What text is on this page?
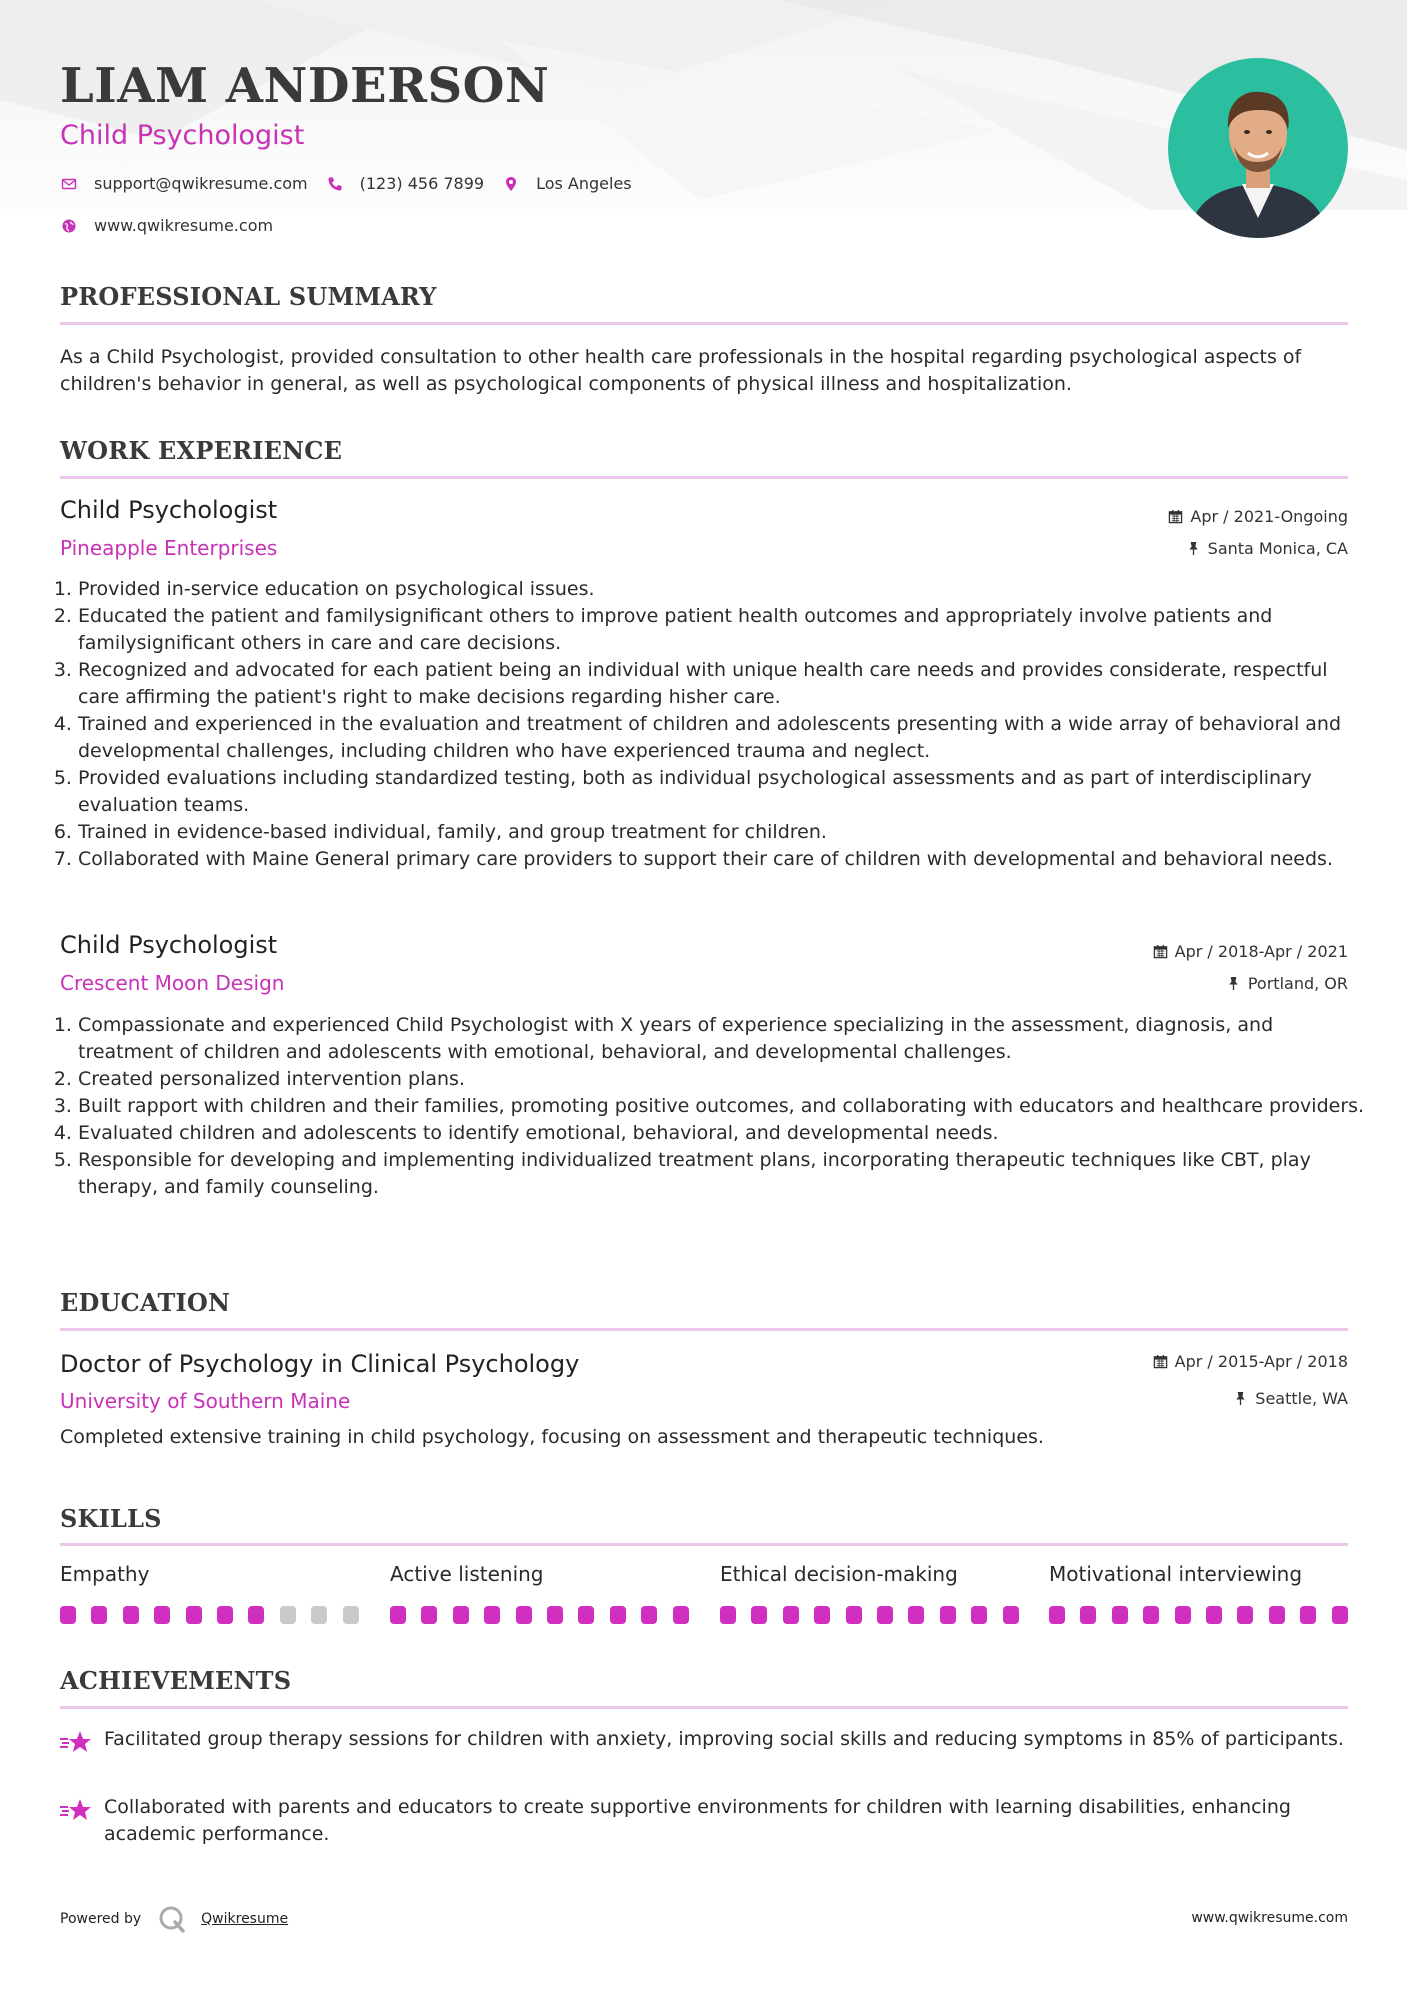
LIAM ANDERSON
Child Psychologist
support@qwikresume.com	(123) 456 7899	Los Angeles
www.qwikresume.com
PROFESSIONAL SUMMARY

As a Child Psychologist, provided consultation to other health care professionals in the hospital regarding psychological aspects of children's behavior in general, as well as psychological components of physical illness and hospitalization.

WORK EXPERIENCE
Child Psychologist	Apr / 2021-Ongoing
Pineapple Enterprises	Santa Monica, CA
1. Provided in-service education on psychological issues.
2. Educated the patient and familysignificant others to improve patient health outcomes and appropriately involve patients and familysignificant others in care and care decisions.
3. Recognized and advocated for each patient being an individual with unique health care needs and provides considerate, respectful care affirming the patient's right to make decisions regarding hisher care.
4. Trained and experienced in the evaluation and treatment of children and adolescents presenting with a wide array of behavioral and developmental challenges, including children who have experienced trauma and neglect.
5. Provided evaluations including standardized testing, both as individual psychological assessments and as part of interdisciplinary evaluation teams.
6. Trained in evidence-based individual, family, and group treatment for children.
7. Collaborated with Maine General primary care providers to support their care of children with developmental and behavioral needs.
Child Psychologist	Apr / 2018-Apr / 2021
Crescent Moon Design	Portland, OR
1. Compassionate and experienced Child Psychologist with X years of experience specializing in the assessment, diagnosis, and treatment of children and adolescents with emotional, behavioral, and developmental challenges.
2. Created personalized intervention plans.
3. Built rapport with children and their families, promoting positive outcomes, and collaborating with educators and healthcare providers.
4. Evaluated children and adolescents to identify emotional, behavioral, and developmental needs.
5. Responsible for developing and implementing individualized treatment plans, incorporating therapeutic techniques like CBT, play therapy, and family counseling.
EDUCATION
Doctor of Psychology in Clinical Psychology	Apr / 2015-Apr / 2018
University of Southern Maine	Seattle, WA

Completed extensive training in child psychology, focusing on assessment and therapeutic techniques.

SKILLS
Empathy	Active listening	Ethical decision-making	Motivational interviewing
ACHIEVEMENTS
Facilitated group therapy sessions for children with anxiety, improving social skills and reducing symptoms in 85% of participants.
Collaborated with parents and educators to create supportive environments for children with learning disabilities, enhancing academic performance.
Powered by	Qwikresume	www.qwikresume.com
